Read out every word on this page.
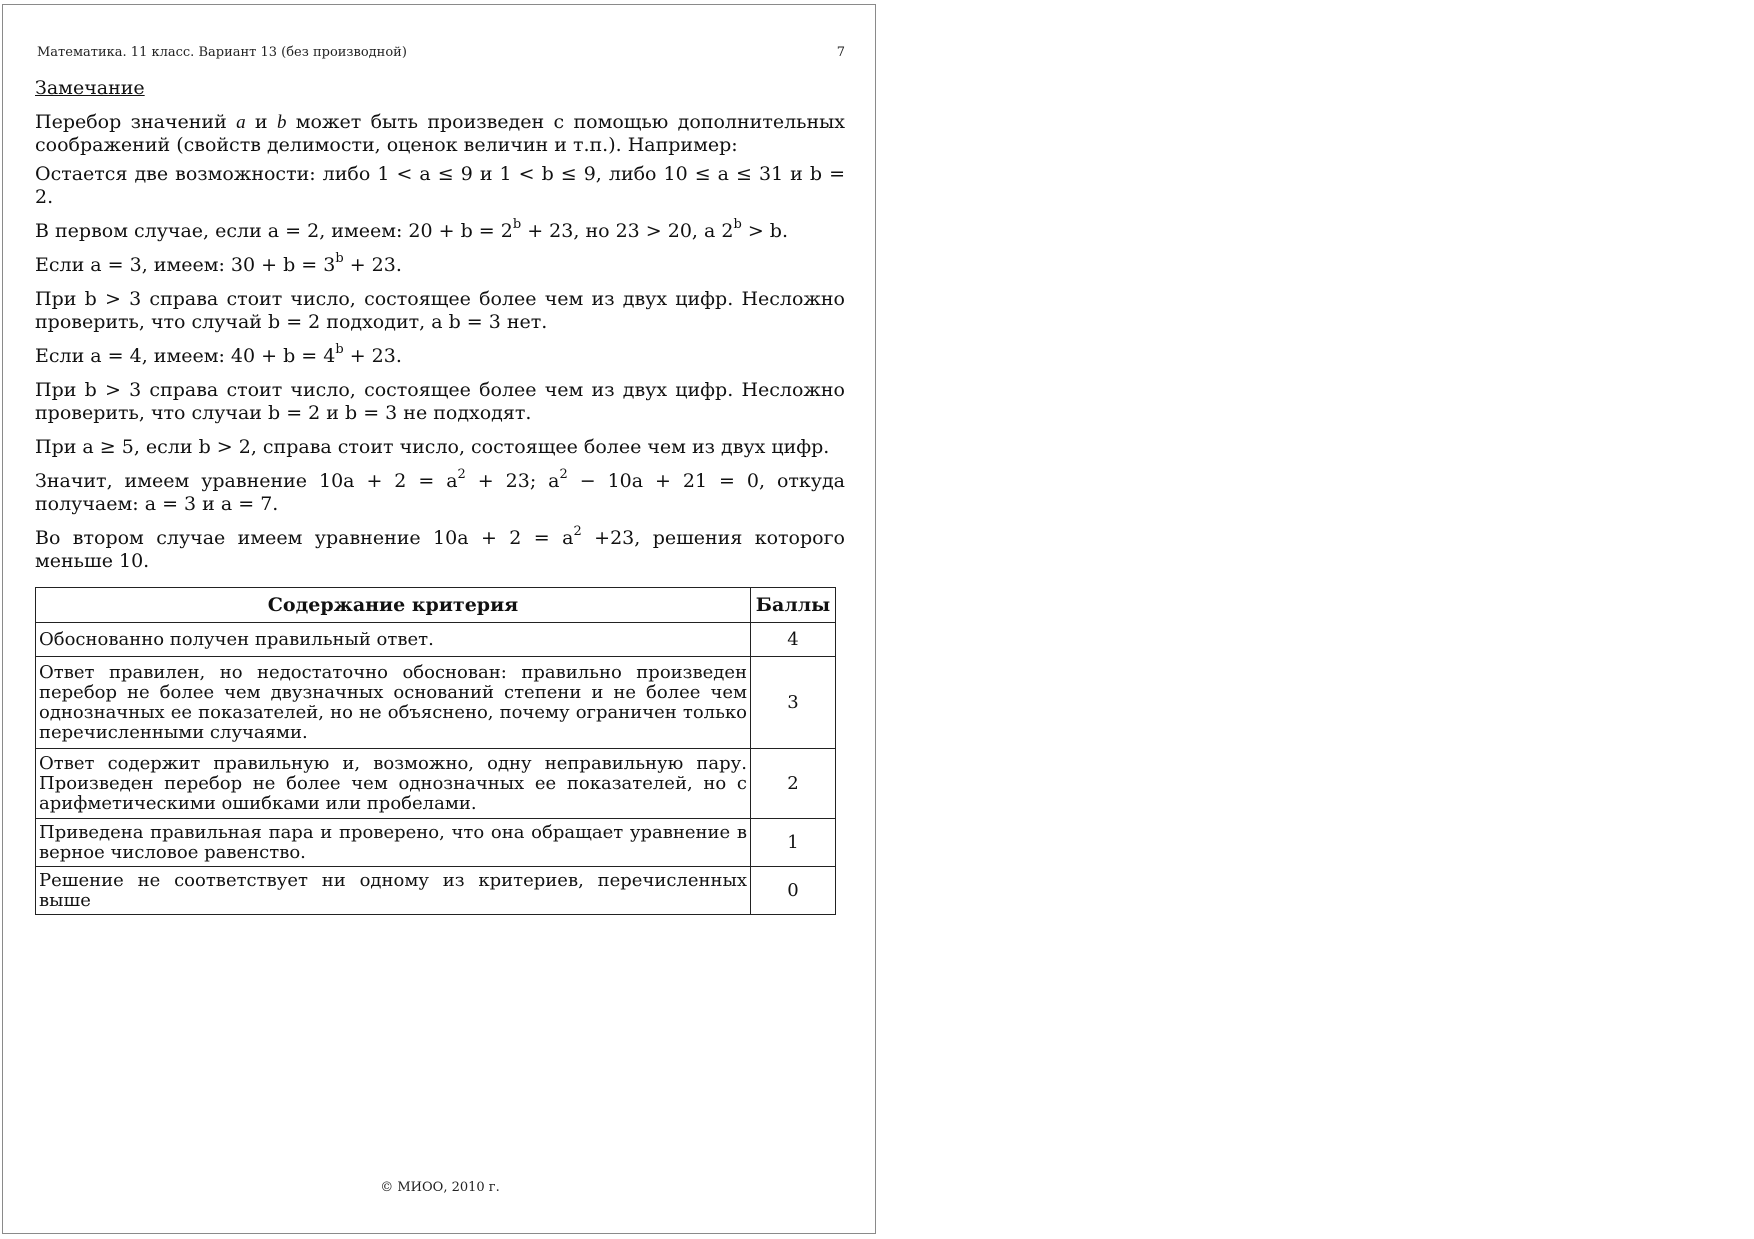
Математика. 11 класс. Вариант 13 (без производной)	7

Замечание

Перебор значений a и b может быть произведен с помощью дополнительных соображений (свойств делимости, оценок величин и т.п.). Например:

Остается две возможности: либо 1 < a ≤ 9 и 1 < b ≤ 9, либо 10 ≤ a ≤ 31 и b = 2.

В первом случае, если a = 2, имеем: $20 + b = 2^b + 23$, но 23 > 20, а $2^b > b$.

Если a = 3, имеем: $30 + b = 3^b + 23$.

При b > 3 справа стоит число, состоящее более чем из двух цифр. Несложно проверить, что случай b = 2 подходит, а b = 3 нет.

Если a = 4, имеем: $40 + b = 4^b + 23$.

При b > 3 справа стоит число, состоящее более чем из двух цифр. Несложно проверить, что случаи b = 2 и b = 3 не подходят.

При a ≥ 5, если b > 2, справа стоит число, состоящее более чем из двух цифр.

Значит, имеем уравнение $10a + 2 = a^2 + 23$; $a^2 - 10a + 21 = 0$, откуда получаем: a = 3 и a = 7.

Во втором случае имеем уравнение $10a + 2 = a^2 +23$, решения которого меньше 10.

Содержание критерия	Баллы
Обоснованно получен правильный ответ.	4
Ответ правилен, но недостаточно обоснован: правильно произведен перебор не более чем двузначных оснований степени и не более чем однозначных ее показателей, но не объяснено, почему ограничен только перечисленными случаями.	3
Ответ содержит правильную и, возможно, одну неправильную пару. Произведен перебор не более чем однозначных ее показателей, но с арифметическими ошибками или пробелами.	2
Приведена правильная пара и проверено, что она обращает уравнение в верное числовое равенство.	1
Решение не соответствует ни одному из критериев, перечисленных выше	0
© МИОО, 2010 г.
